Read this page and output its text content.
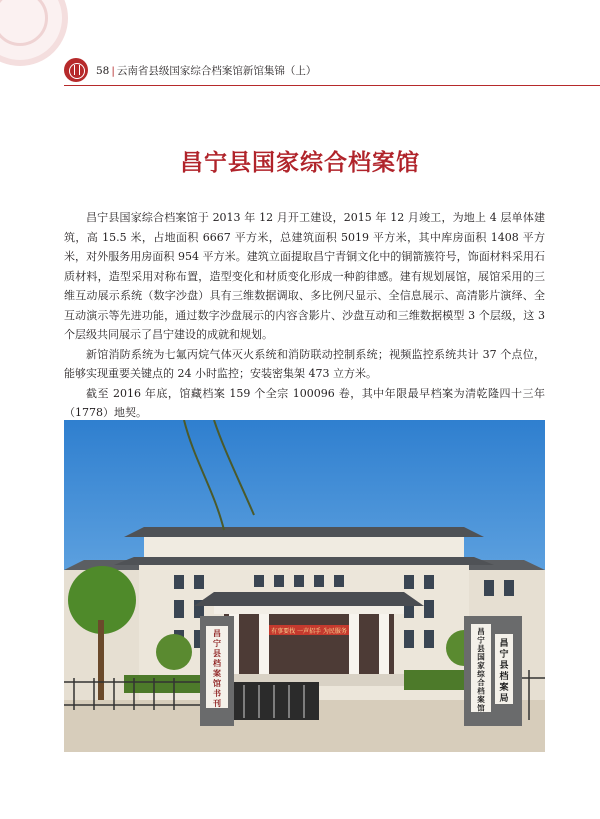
58 | 云南省县级国家综合档案馆新馆集锦（上）
昌宁县国家综合档案馆

昌宁县国家综合档案馆于 2013 年 12 月开工建设，2015 年 12 月竣工，为地上 4 层单体建筑，高 15.5 米，占地面积 6667 平方米，总建筑面积 5019 平方米，其中库房面积 1408 平方米，对外服务用房面积 954 平方米。建筑立面提取昌宁青铜文化中的铜箭簇符号，饰面材料采用石质材料，造型采用对称布置，造型变化和材质变化形成一种韵律感。建有规划展馆，展馆采用的三维互动展示系统（数字沙盘）具有三维数据调取、多比例尺显示、全信息展示、高清影片演绎、全互动演示等先进功能，通过数字沙盘展示的内容含影片、沙盘互动和三维数据模型 3 个层级，这 3 个层级共同展示了昌宁建设的成就和规划。

新馆消防系统为七氟丙烷气体灭火系统和消防联动控制系统；视频监控系统共计 37 个点位，能够实现重要关键点的 24 小时监控；安装密集架 473 立方米。

截至 2016 年底，馆藏档案 159 个全宗 100096 卷，其中年限最早档案为清乾隆四十三年（1778）地契。

昌
宁
县
档
案
馆
书
刊
昌
宁
县
国
家
综
合
档
案
馆
昌
宁
县
档
案
局
有事要找 一声招手 为民服务
